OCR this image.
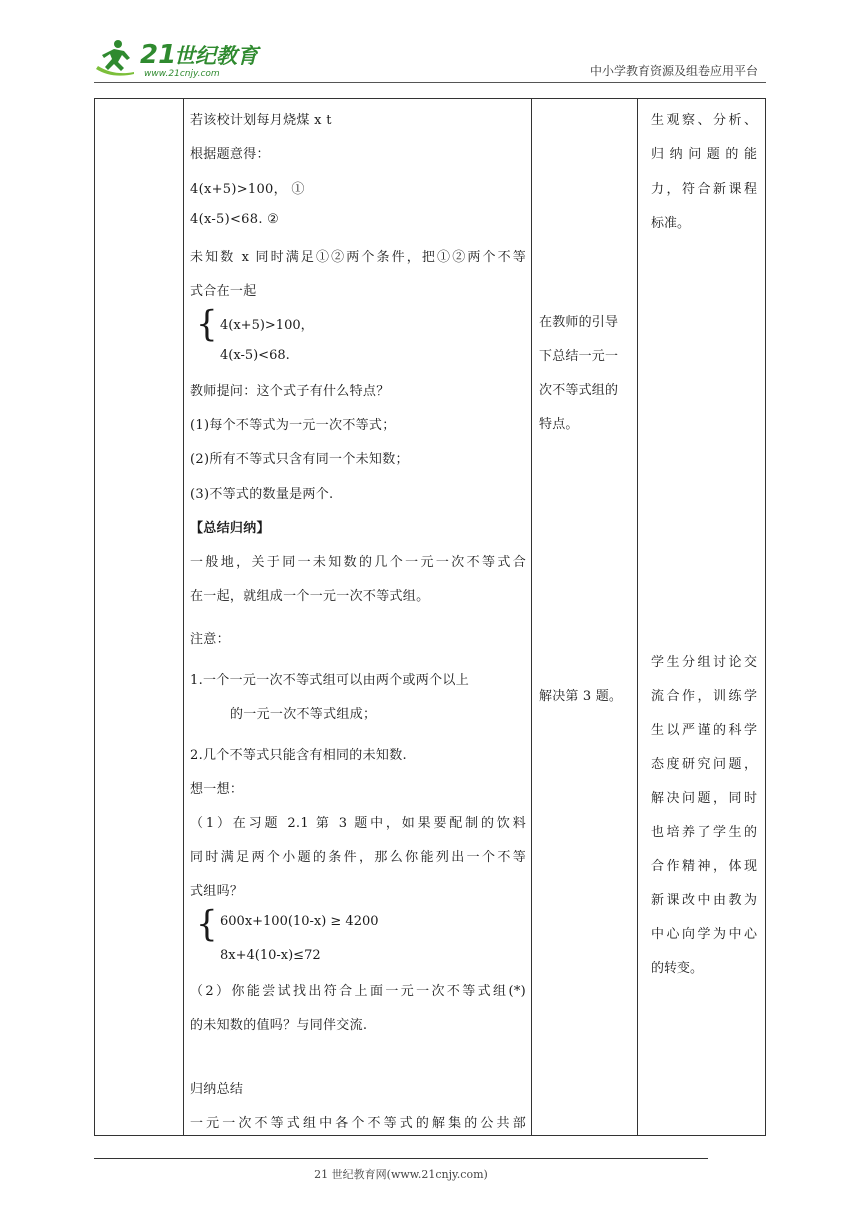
21
世纪教育
www.21cnjy.com	中小学教育资源及组卷应用平台
若该校计划每月烧煤 x t
根据题意得：
4(x+5)>100， ①
4(x-5)<68. ②
未知数 x 同时满足①②两个条件，把①②两个不等
式合在一起
{ 4(x+5)>100，
4(x-5)<68.
教师提问：这个式子有什么特点？
(1)每个不等式为一元一次不等式；
(2)所有不等式只含有同一个未知数；
(3)不等式的数量是两个.
【总结归纳】
一般地，关于同一未知数的几个一元一次不等式合
在一起，就组成一个一元一次不等式组。
注意：
1.一个一元一次不等式组可以由两个或两个以上
的一元一次不等式组成；
2.几个不等式只能含有相同的未知数.
想一想：
（1）在习题 2.1 第 3 题中，如果要配制的饮料
同时满足两个小题的条件，那么你能列出一个不等
式组吗？
{ 600x+100(10-x) ≥ 4200
8x+4(10-x)≤72
（2）你能尝试找出符合上面一元一次不等式组(*)
的未知数的值吗？与同伴交流.
归纳总结
一元一次不等式组中各个不等式的解集的公共部
在教师的引导
下总结一元一
次不等式组的
特点。
解决第 3 题。
生观察、分析、
归纳问题的能
力，符合新课程
标准。
学生分组讨论交
流合作，训练学
生以严谨的科学
态度研究问题，
解决问题，同时
也培养了学生的
合作精神，体现
新课改中由教为
中心向学为中心
的转变。
21 世纪教育网(www.21cnjy.com)
